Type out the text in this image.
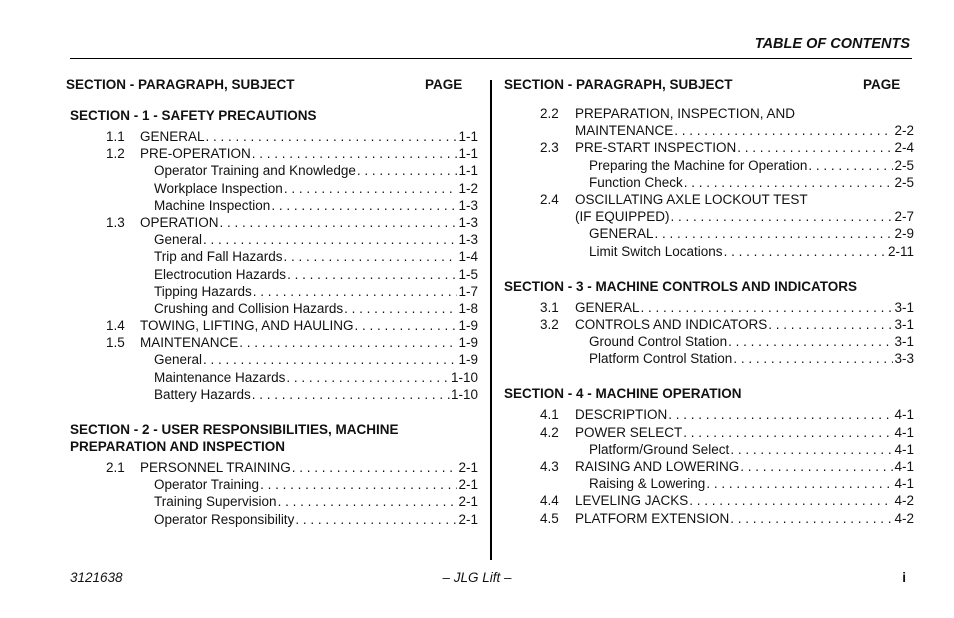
TABLE OF CONTENTS
SECTION - PARAGRAPH, SUBJECT	PAGE
SECTION - 1 - SAFETY PRECAUTIONS
1.1	GENERAL . . .	1-1
1.2	PRE-OPERATION . . .	1-1
Operator Training and Knowledge . . .	1-1
Workplace Inspection . . .	1-2
Machine Inspection . . .	1-3
1.3	OPERATION . . .	1-3
General . . .	1-3
Trip and Fall Hazards . . .	1-4
Electrocution Hazards . . .	1-5
Tipping Hazards . . .	1-7
Crushing and Collision Hazards . . .	1-8
1.4	TOWING, LIFTING, AND HAULING . . .	1-9
1.5	MAINTENANCE . . .	1-9
General . . .	1-9
Maintenance Hazards . . .	1-10
Battery Hazards . . .	1-10
SECTION - 2 - USER RESPONSIBILITIES, MACHINE
PREPARATION AND INSPECTION
2.1	PERSONNEL TRAINING . . .	2-1
Operator Training . . .	2-1
Training Supervision . . .	2-1
Operator Responsibility . . .	2-1
SECTION - PARAGRAPH, SUBJECT	PAGE
2.2	PREPARATION, INSPECTION, AND
MAINTENANCE . . .	2-2
2.3	PRE-START INSPECTION . . .	2-4
Preparing the Machine for Operation . . .	2-5
Function Check . . .	2-5
2.4	OSCILLATING AXLE LOCKOUT TEST
(IF EQUIPPED) . . .	2-7
GENERAL . . .	2-9
Limit Switch Locations . . .	2-11
SECTION - 3 - MACHINE CONTROLS AND INDICATORS
3.1	GENERAL . . .	3-1
3.2	CONTROLS AND INDICATORS . . .	3-1
Ground Control Station . . .	3-1
Platform Control Station . . .	3-3
SECTION - 4 - MACHINE OPERATION
4.1	DESCRIPTION . . .	4-1
4.2	POWER SELECT . . .	4-1
Platform/Ground Select . . .	4-1
4.3	RAISING AND LOWERING . . .	4-1
Raising & Lowering . . .	4-1
4.4	LEVELING JACKS . . .	4-2
4.5	PLATFORM EXTENSION . . .	4-2
3121638	– JLG Lift –	i
